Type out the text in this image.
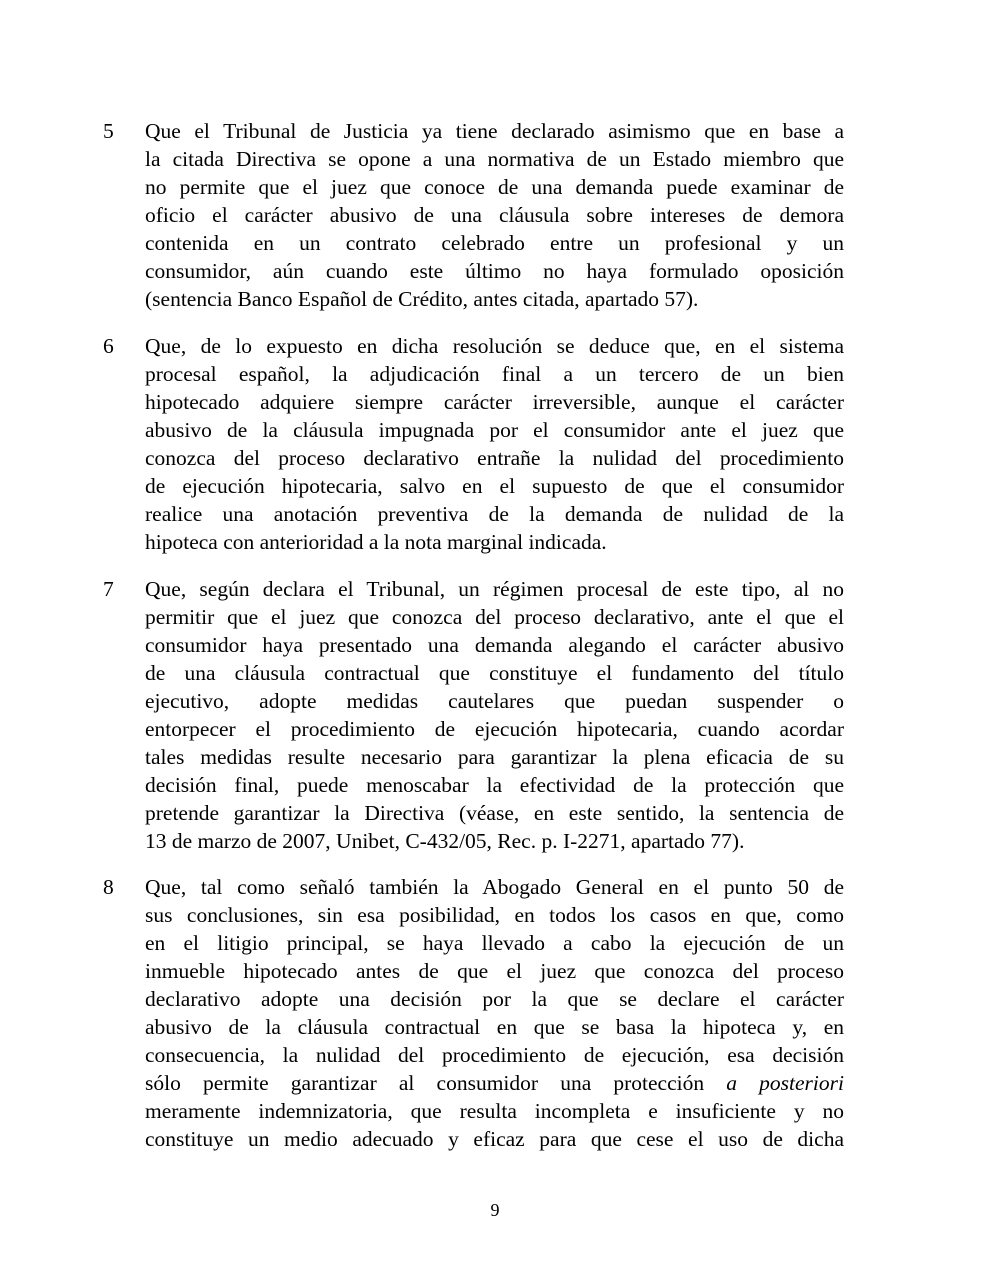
5 Que el Tribunal de Justicia ya tiene declarado asimismo que en base a
la citada Directiva se opone a una normativa de un Estado miembro que
no permite que el juez que conoce de una demanda puede examinar de
oficio el carácter abusivo de una cláusula sobre intereses de demora
contenida en un contrato celebrado entre un profesional y un
consumidor, aún cuando este último no haya formulado oposición
(sentencia Banco Español de Crédito, antes citada, apartado 57).
6 Que, de lo expuesto en dicha resolución se deduce que, en el sistema
procesal español, la adjudicación final a un tercero de un bien
hipotecado adquiere siempre carácter irreversible, aunque el carácter
abusivo de la cláusula impugnada por el consumidor ante el juez que
conozca del proceso declarativo entrañe la nulidad del procedimiento
de ejecución hipotecaria, salvo en el supuesto de que el consumidor
realice una anotación preventiva de la demanda de nulidad de la
hipoteca con anterioridad a la nota marginal indicada.
7 Que, según declara el Tribunal, un régimen procesal de este tipo, al no
permitir que el juez que conozca del proceso declarativo, ante el que el
consumidor haya presentado una demanda alegando el carácter abusivo
de una cláusula contractual que constituye el fundamento del título
ejecutivo, adopte medidas cautelares que puedan suspender o
entorpecer el procedimiento de ejecución hipotecaria, cuando acordar
tales medidas resulte necesario para garantizar la plena eficacia de su
decisión final, puede menoscabar la efectividad de la protección que
pretende garantizar la Directiva (véase, en este sentido, la sentencia de
13 de marzo de 2007, Unibet, C-432/05, Rec. p. I-2271, apartado 77).
8 Que, tal como señaló también la Abogado General en el punto 50 de
sus conclusiones, sin esa posibilidad, en todos los casos en que, como
en el litigio principal, se haya llevado a cabo la ejecución de un
inmueble hipotecado antes de que el juez que conozca del proceso
declarativo adopte una decisión por la que se declare el carácter
abusivo de la cláusula contractual en que se basa la hipoteca y, en
consecuencia, la nulidad del procedimiento de ejecución, esa decisión
sólo permite garantizar al consumidor una protección a posteriori
meramente indemnizatoria, que resulta incompleta e insuficiente y no
constituye un medio adecuado y eficaz para que cese el uso de dicha
9
